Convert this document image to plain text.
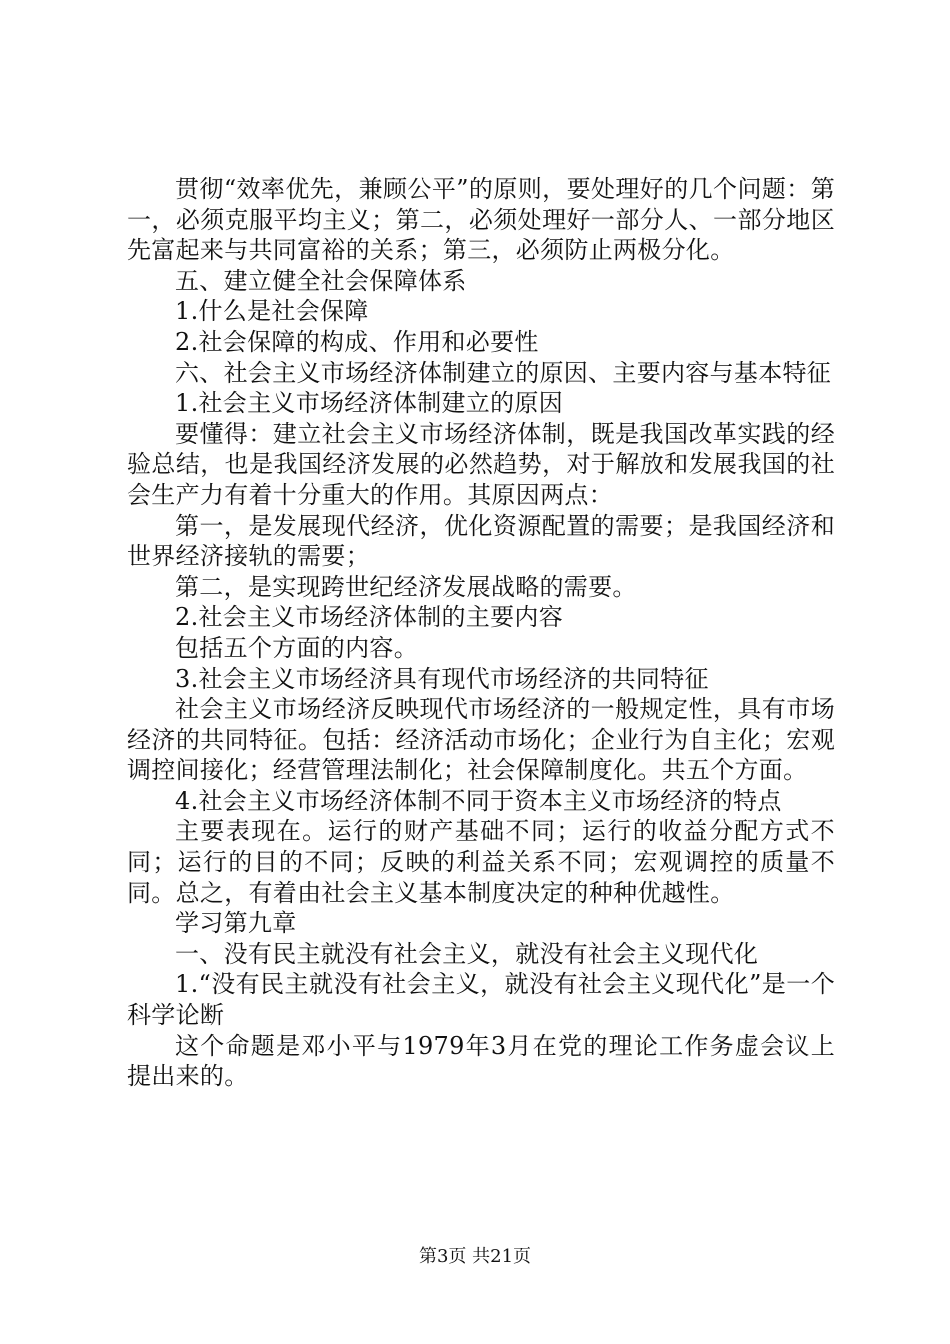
贯彻“效率优先，兼顾公平”的原则，要处理好的几个问题：第一，必须克服平均主义；第二，必须处理好一部分人、一部分地区先富起来与共同富裕的关系；第三，必须防止两极分化。

五、建立健全社会保障体系

1.什么是社会保障

2.社会保障的构成、作用和必要性

六、社会主义市场经济体制建立的原因、主要内容与基本特征

1.社会主义市场经济体制建立的原因

要懂得：建立社会主义市场经济体制，既是我国改革实践的经验总结，也是我国经济发展的必然趋势，对于解放和发展我国的社会生产力有着十分重大的作用。其原因两点：

第一，是发展现代经济，优化资源配置的需要；是我国经济和世界经济接轨的需要；

第二，是实现跨世纪经济发展战略的需要。

2.社会主义市场经济体制的主要内容

包括五个方面的内容。

3.社会主义市场经济具有现代市场经济的共同特征

社会主义市场经济反映现代市场经济的一般规定性，具有市场经济的共同特征。包括：经济活动市场化；企业行为自主化；宏观调控间接化；经营管理法制化；社会保障制度化。共五个方面。

4.社会主义市场经济体制不同于资本主义市场经济的特点

主要表现在。运行的财产基础不同；运行的收益分配方式不同；运行的目的不同；反映的利益关系不同；宏观调控的质量不同。总之，有着由社会主义基本制度决定的种种优越性。

学习第九章

一、没有民主就没有社会主义，就没有社会主义现代化

1.“没有民主就没有社会主义，就没有社会主义现代化”是一个科学论断

这个命题是邓小平与1979年3月在党的理论工作务虚会议上提出来的。

第3页 共21页
